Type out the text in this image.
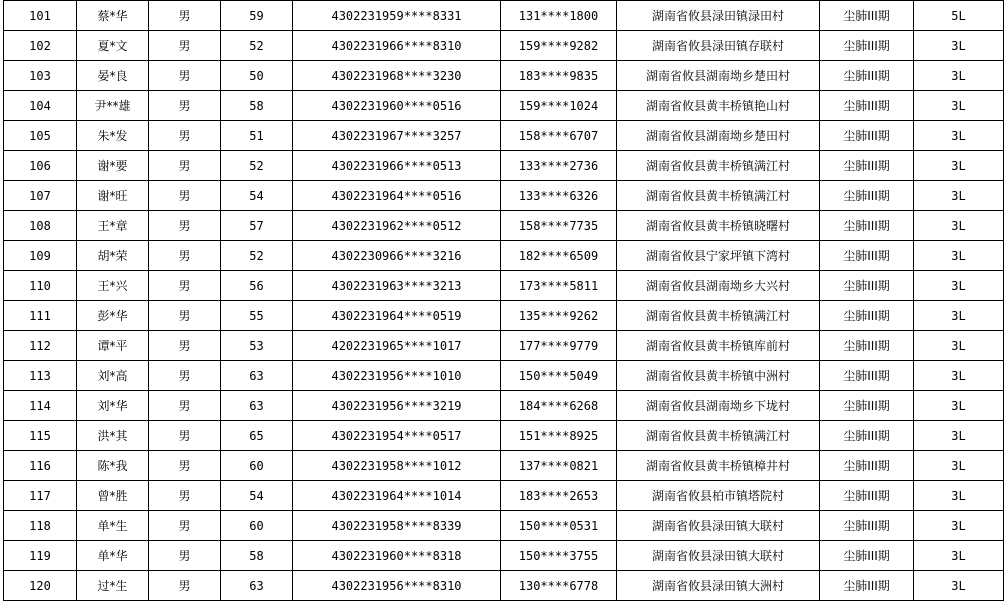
101	蔡*华	男	59	4302231959****8331	131****1800	湖南省攸县渌田镇渌田村	尘肺III期	5L
102	夏*文	男	52	4302231966****8310	159****9282	湖南省攸县渌田镇存联村	尘肺III期	3L
103	晏*良	男	50	4302231968****3230	183****9835	湖南省攸县湖南坳乡楚田村	尘肺III期	3L
104	尹**雄	男	58	4302231960****0516	159****1024	湖南省攸县黄丰桥镇艳山村	尘肺III期	3L
105	朱*发	男	51	4302231967****3257	158****6707	湖南省攸县湖南坳乡楚田村	尘肺III期	3L
106	谢*要	男	52	4302231966****0513	133****2736	湖南省攸县黄丰桥镇满江村	尘肺III期	3L
107	谢*旺	男	54	4302231964****0516	133****6326	湖南省攸县黄丰桥镇满江村	尘肺III期	3L
108	王*章	男	57	4302231962****0512	158****7735	湖南省攸县黄丰桥镇晓曙村	尘肺III期	3L
109	胡*荣	男	52	4302230966****3216	182****6509	湖南省攸县宁家坪镇下湾村	尘肺III期	3L
110	王*兴	男	56	4302231963****3213	173****5811	湖南省攸县湖南坳乡大兴村	尘肺III期	3L
111	彭*华	男	55	4302231964****0519	135****9262	湖南省攸县黄丰桥镇满江村	尘肺III期	3L
112	谭*平	男	53	4202231965****1017	177****9779	湖南省攸县黄丰桥镇库前村	尘肺III期	3L
113	刘*高	男	63	4302231956****1010	150****5049	湖南省攸县黄丰桥镇中洲村	尘肺III期	3L
114	刘*华	男	63	4302231956****3219	184****6268	湖南省攸县湖南坳乡下垅村	尘肺III期	3L
115	洪*其	男	65	4302231954****0517	151****8925	湖南省攸县黄丰桥镇满江村	尘肺III期	3L
116	陈*我	男	60	4302231958****1012	137****0821	湖南省攸县黄丰桥镇樟井村	尘肺III期	3L
117	曾*胜	男	54	4302231964****1014	183****2653	湖南省攸县柏市镇塔院村	尘肺III期	3L
118	单*生	男	60	4302231958****8339	150****0531	湖南省攸县渌田镇大联村	尘肺III期	3L
119	单*华	男	58	4302231960****8318	150****3755	湖南省攸县渌田镇大联村	尘肺III期	3L
120	过*生	男	63	4302231956****8310	130****6778	湖南省攸县渌田镇大洲村	尘肺III期	3L
